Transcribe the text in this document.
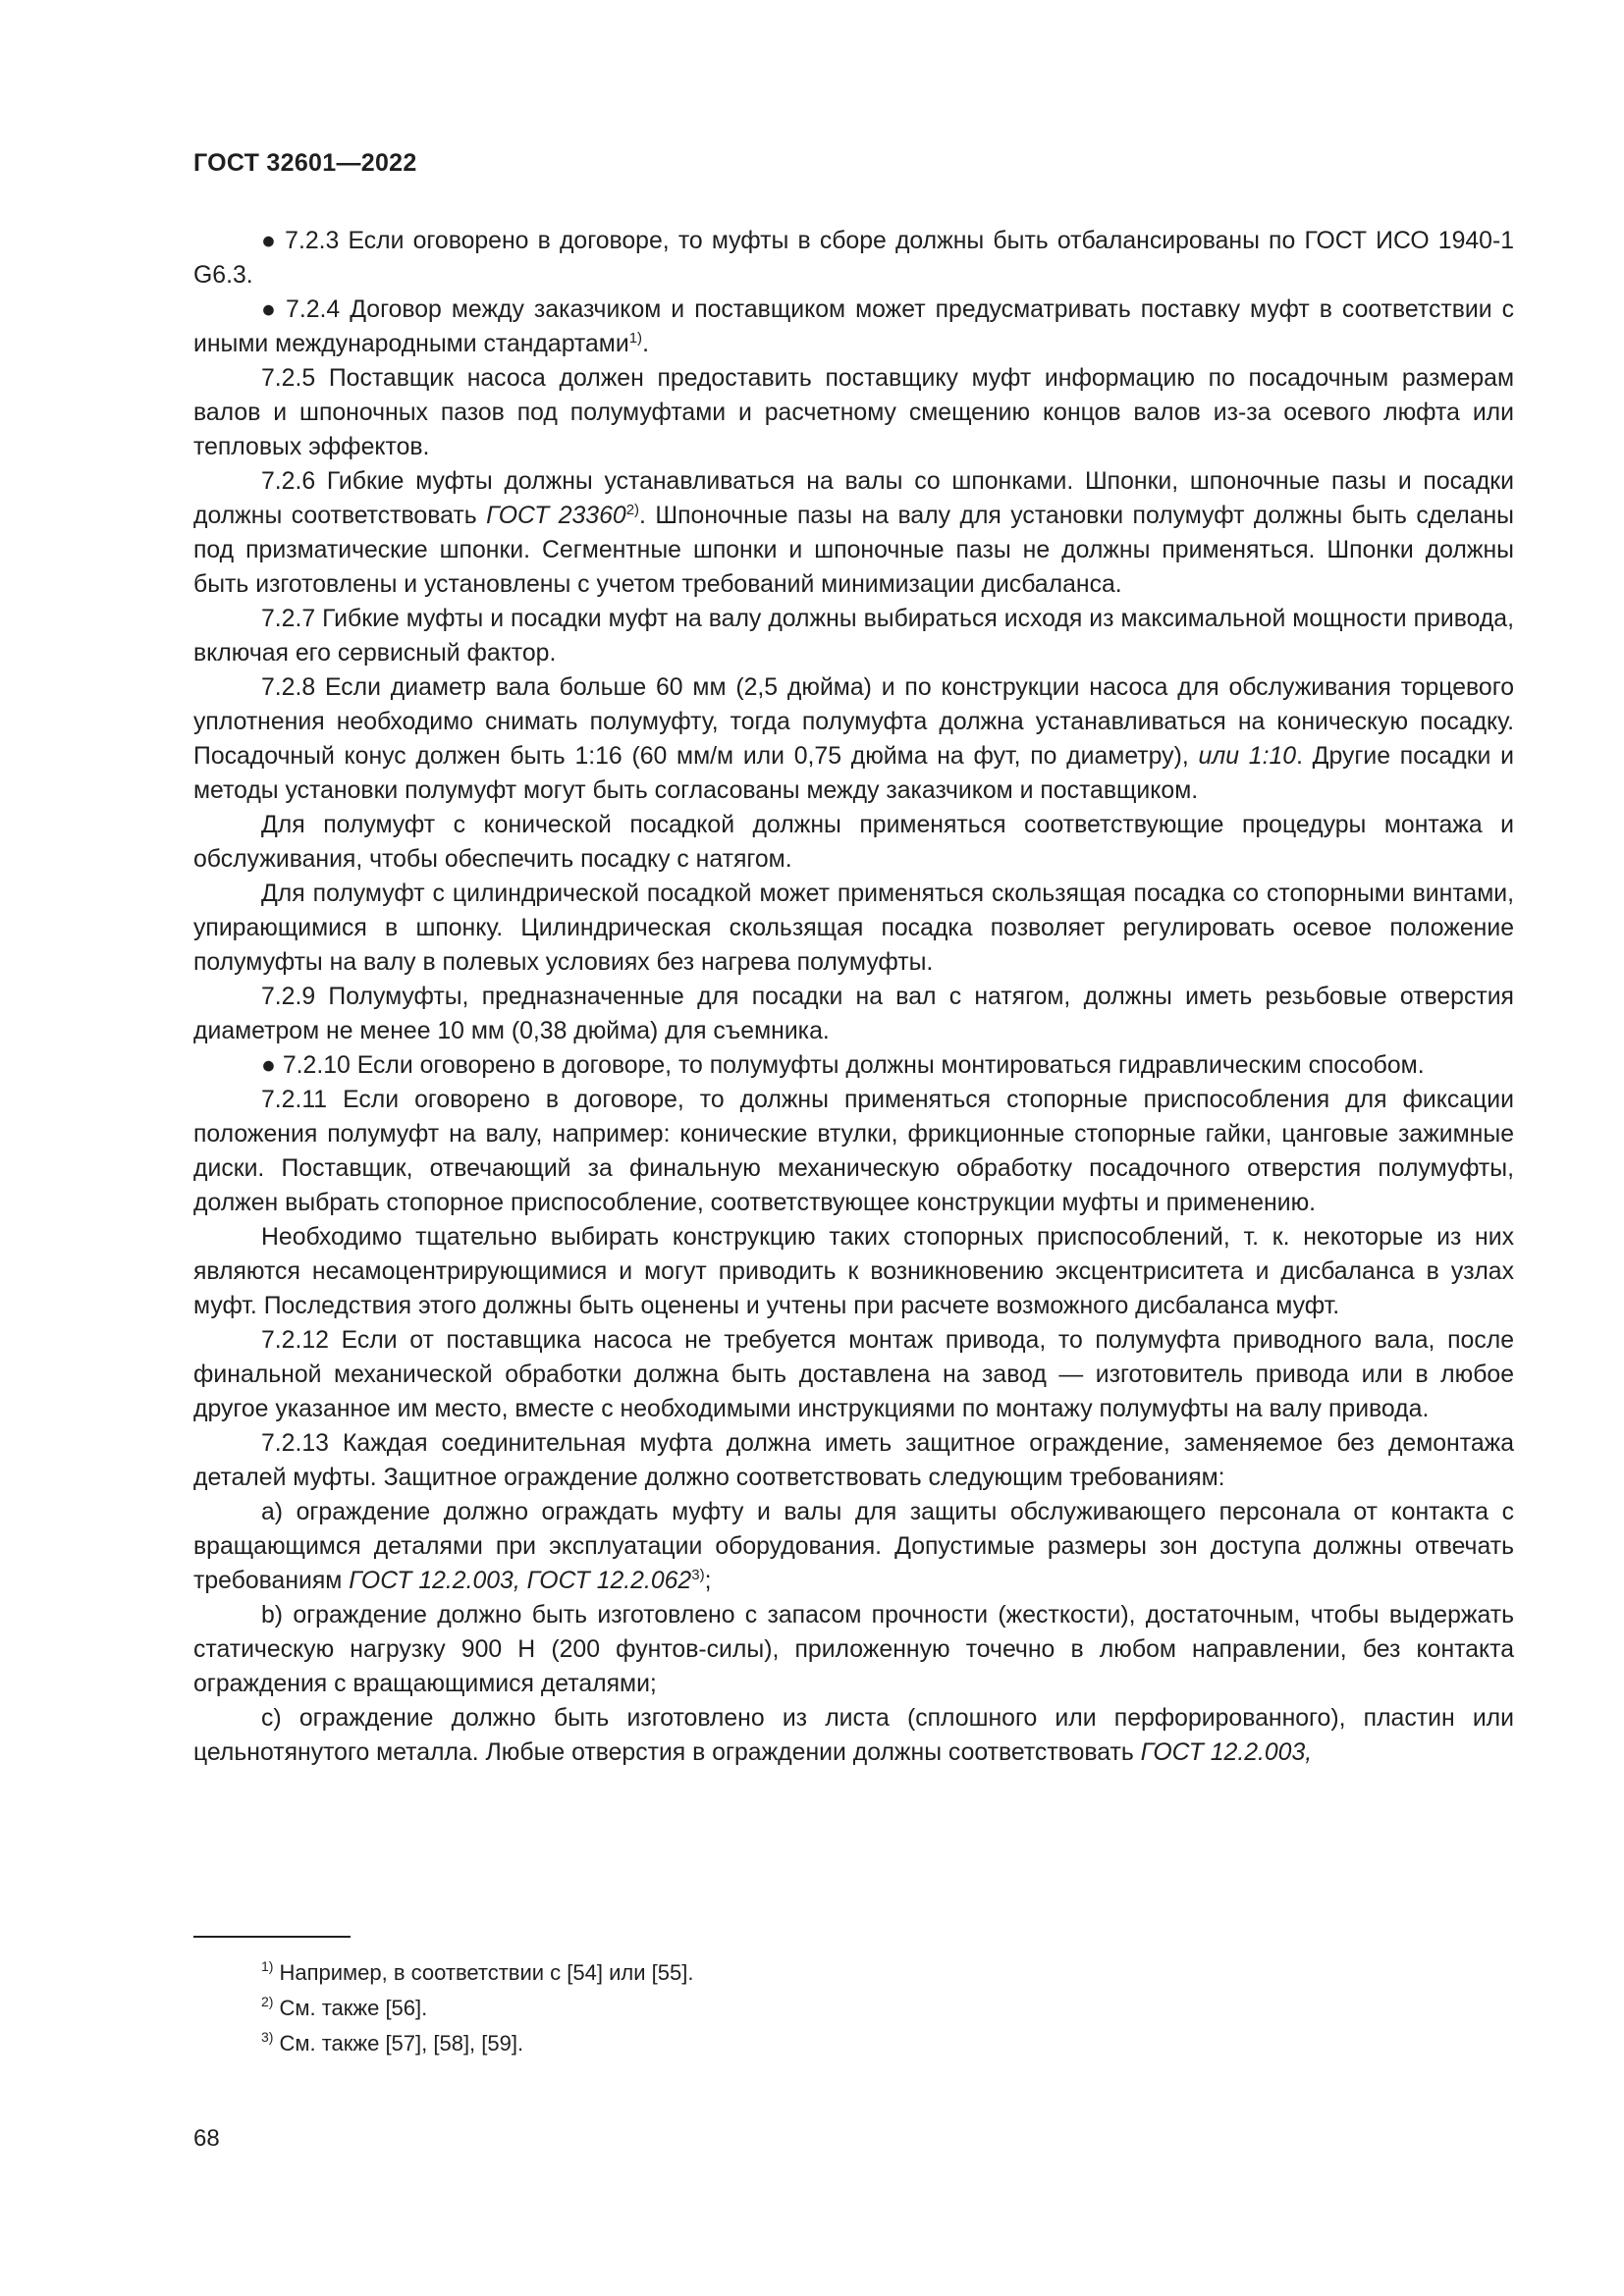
ГОСТ 32601—2022

● 7.2.3 Если оговорено в договоре, то муфты в сборе должны быть отбалансированы по ГОСТ ИСО 1940-1 G6.3.

● 7.2.4 Договор между заказчиком и поставщиком может предусматривать поставку муфт в соответствии с иными международными стандартами$^{1)}$.

7.2.5 Поставщик насоса должен предоставить поставщику муфт информацию по посадочным размерам валов и шпоночных пазов под полумуфтами и расчетному смещению концов валов из-за осевого люфта или тепловых эффектов.

7.2.6 Гибкие муфты должны устанавливаться на валы со шпонками. Шпонки, шпоночные пазы и посадки должны соответствовать ГОСТ 23360$^{2)}$. Шпоночные пазы на валу для установки полумуфт должны быть сделаны под призматические шпонки. Сегментные шпонки и шпоночные пазы не должны применяться. Шпонки должны быть изготовлены и установлены с учетом требований минимизации дисбаланса.

7.2.7 Гибкие муфты и посадки муфт на валу должны выбираться исходя из максимальной мощности привода, включая его сервисный фактор.

7.2.8 Если диаметр вала больше 60 мм (2,5 дюйма) и по конструкции насоса для обслуживания торцевого уплотнения необходимо снимать полумуфту, тогда полумуфта должна устанавливаться на коническую посадку. Посадочный конус должен быть 1:16 (60 мм/м или 0,75 дюйма на фут, по диаметру), или 1:10. Другие посадки и методы установки полумуфт могут быть согласованы между заказчиком и поставщиком.

Для полумуфт с конической посадкой должны применяться соответствующие процедуры монтажа и обслуживания, чтобы обеспечить посадку с натягом.

Для полумуфт с цилиндрической посадкой может применяться скользящая посадка со стопорными винтами, упирающимися в шпонку. Цилиндрическая скользящая посадка позволяет регулировать осевое положение полумуфты на валу в полевых условиях без нагрева полумуфты.

7.2.9 Полумуфты, предназначенные для посадки на вал с натягом, должны иметь резьбовые отверстия диаметром не менее 10 мм (0,38 дюйма) для съемника.

● 7.2.10 Если оговорено в договоре, то полумуфты должны монтироваться гидравлическим способом.

7.2.11 Если оговорено в договоре, то должны применяться стопорные приспособления для фиксации положения полумуфт на валу, например: конические втулки, фрикционные стопорные гайки, цанговые зажимные диски. Поставщик, отвечающий за финальную механическую обработку посадочного отверстия полумуфты, должен выбрать стопорное приспособление, соответствующее конструкции муфты и применению.

Необходимо тщательно выбирать конструкцию таких стопорных приспособлений, т. к. некоторые из них являются несамоцентрирующимися и могут приводить к возникновению эксцентриситета и дисбаланса в узлах муфт. Последствия этого должны быть оценены и учтены при расчете возможного дисбаланса муфт.

7.2.12 Если от поставщика насоса не требуется монтаж привода, то полумуфта приводного вала, после финальной механической обработки должна быть доставлена на завод — изготовитель привода или в любое другое указанное им место, вместе с необходимыми инструкциями по монтажу полумуфты на валу привода.

7.2.13 Каждая соединительная муфта должна иметь защитное ограждение, заменяемое без демонтажа деталей муфты. Защитное ограждение должно соответствовать следующим требованиям:

a) ограждение должно ограждать муфту и валы для защиты обслуживающего персонала от контакта с вращающимся деталями при эксплуатации оборудования. Допустимые размеры зон доступа должны отвечать требованиям ГОСТ 12.2.003, ГОСТ 12.2.062$^{3)}$;

b) ограждение должно быть изготовлено с запасом прочности (жесткости), достаточным, чтобы выдержать статическую нагрузку 900 Н (200 фунтов-силы), приложенную точечно в любом направлении, без контакта ограждения с вращающимися деталями;

c) ограждение должно быть изготовлено из листа (сплошного или перфорированного), пластин или цельнотянутого металла. Любые отверстия в ограждении должны соответствовать ГОСТ 12.2.003,

$^{1)}$ Например, в соответствии с [54] или [55].

$^{2)}$ См. также [56].

$^{3)}$ См. также [57], [58], [59].

68
